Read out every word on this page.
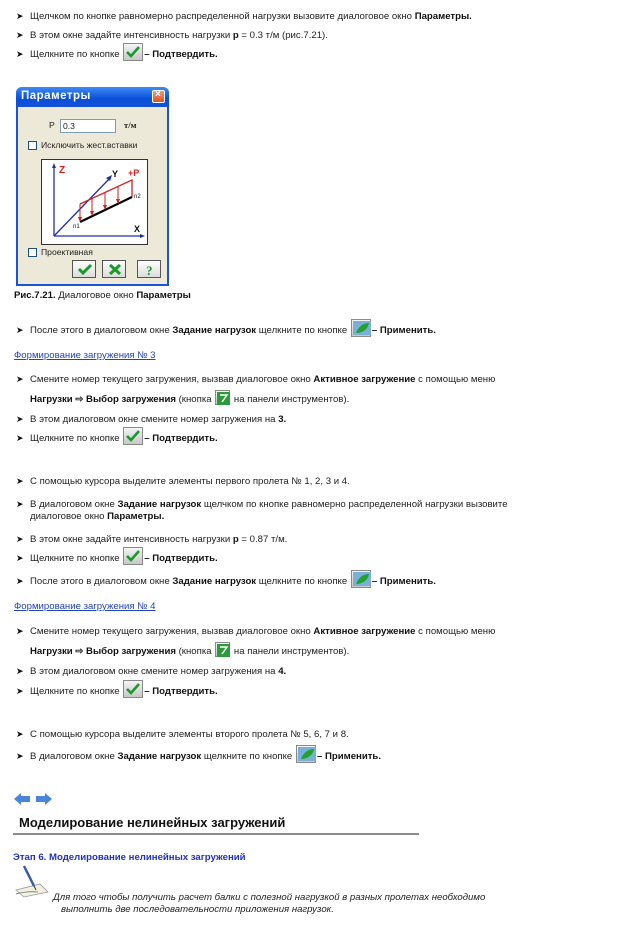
➤ Щелчком по кнопке равномерно распределенной нагрузки вызовите диалоговое окно Параметры.
➤ В этом окне задайте интенсивность нагрузки p = 0.3 т/м (рис.7.21).
➤ Щелкните по кнопке
– Подтвердить.
Параметры	×
P 0.3	т/м
Исключить жест.вставки
Z	Y
X
+P
n1
n2
Проективная
?
Рис.7.21. Диалоговое окно Параметры
➤ После этого в диалоговом окне Задание нагрузок щелкните по кнопке
– Применить.
Формирование загружения № 3
➤ Смените номер текущего загружения, вызвав диалоговое окно Активное загружение с помощью меню
Нагрузки ⇨ Выбор загружения (кнопка
на панели инструментов).
➤ В этом диалоговом окне смените номер загружения на 3.
➤ Щелкните по кнопке
– Подтвердить.
➤ С помощью курсора выделите элементы первого пролета № 1, 2, 3 и 4.
➤ В диалоговом окне Задание нагрузок щелчком по кнопке равномерно распределенной нагрузки вызовите
диалоговое окно Параметры.
➤ В этом окне задайте интенсивность нагрузки p = 0.87 т/м.
➤ Щелкните по кнопке
– Подтвердить.
➤ После этого в диалоговом окне Задание нагрузок щелкните по кнопке
– Применить.
Формирование загружения № 4
➤ Смените номер текущего загружения, вызвав диалоговое окно Активное загружение с помощью меню
Нагрузки ⇨ Выбор загружения (кнопка
на панели инструментов).
➤ В этом диалоговом окне смените номер загружения на 4.
➤ Щелкните по кнопке
– Подтвердить.
➤ С помощью курсора выделите элементы второго пролета № 5, 6, 7 и 8.
➤ В диалоговом окне Задание нагрузок щелкните по кнопке
– Применить.
Моделирование нелинейных загружений
Этап 6. Моделирование нелинейных загружений
Для того чтобы получить расчет балки с полезной нагрузкой в разных пролетах необходимо
выполнить две последовательности приложения нагрузок.
